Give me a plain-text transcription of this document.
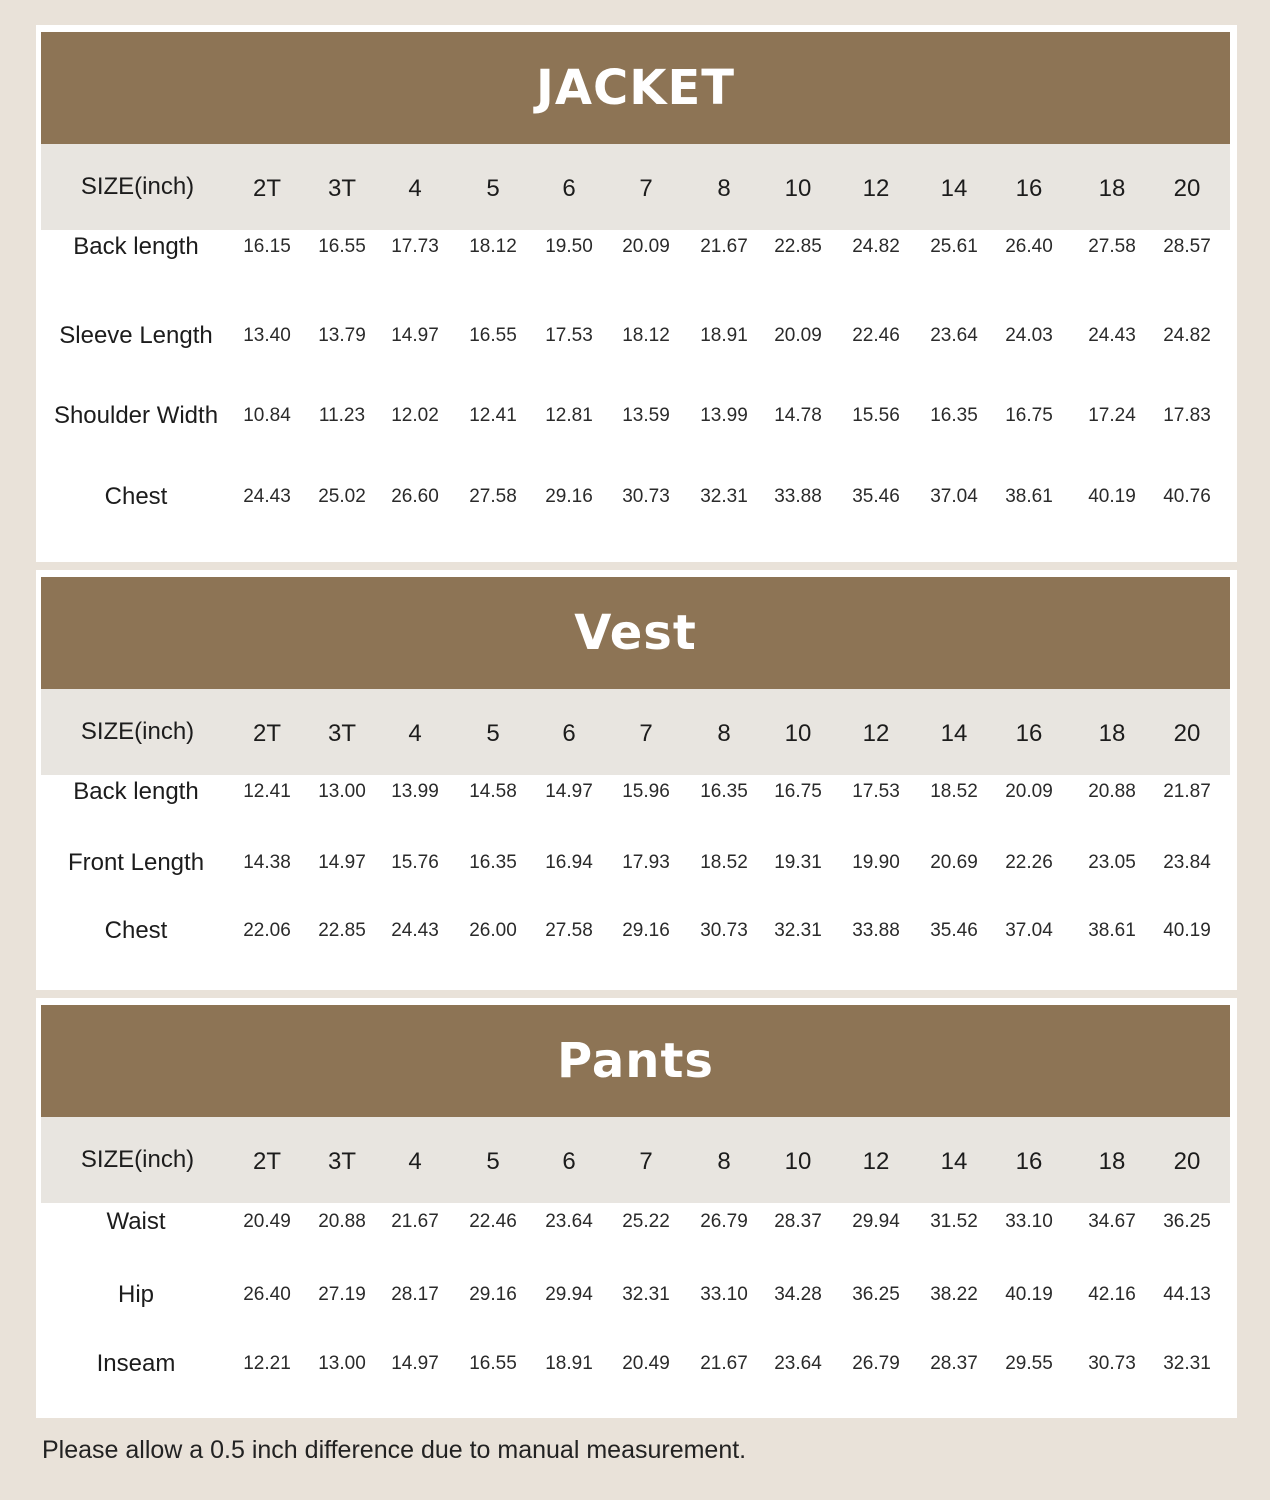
JACKET
SIZE(inch)	2T	3T	4	5	6	7	8	10	12	14	16	18	20
Back length	16.15	16.55	17.73	18.12	19.50	20.09	21.67	22.85	24.82	25.61	26.40	27.58	28.57
Sleeve Length	13.40	13.79	14.97	16.55	17.53	18.12	18.91	20.09	22.46	23.64	24.03	24.43	24.82
Shoulder Width	10.84	11.23	12.02	12.41	12.81	13.59	13.99	14.78	15.56	16.35	16.75	17.24	17.83
Chest	24.43	25.02	26.60	27.58	29.16	30.73	32.31	33.88	35.46	37.04	38.61	40.19	40.76
Vest
SIZE(inch)	2T	3T	4	5	6	7	8	10	12	14	16	18	20
Back length	12.41	13.00	13.99	14.58	14.97	15.96	16.35	16.75	17.53	18.52	20.09	20.88	21.87
Front Length	14.38	14.97	15.76	16.35	16.94	17.93	18.52	19.31	19.90	20.69	22.26	23.05	23.84
Chest	22.06	22.85	24.43	26.00	27.58	29.16	30.73	32.31	33.88	35.46	37.04	38.61	40.19
Pants
SIZE(inch)	2T	3T	4	5	6	7	8	10	12	14	16	18	20
Waist	20.49	20.88	21.67	22.46	23.64	25.22	26.79	28.37	29.94	31.52	33.10	34.67	36.25
Hip	26.40	27.19	28.17	29.16	29.94	32.31	33.10	34.28	36.25	38.22	40.19	42.16	44.13
Inseam	12.21	13.00	14.97	16.55	18.91	20.49	21.67	23.64	26.79	28.37	29.55	30.73	32.31
Please allow a 0.5 inch difference due to manual measurement.
